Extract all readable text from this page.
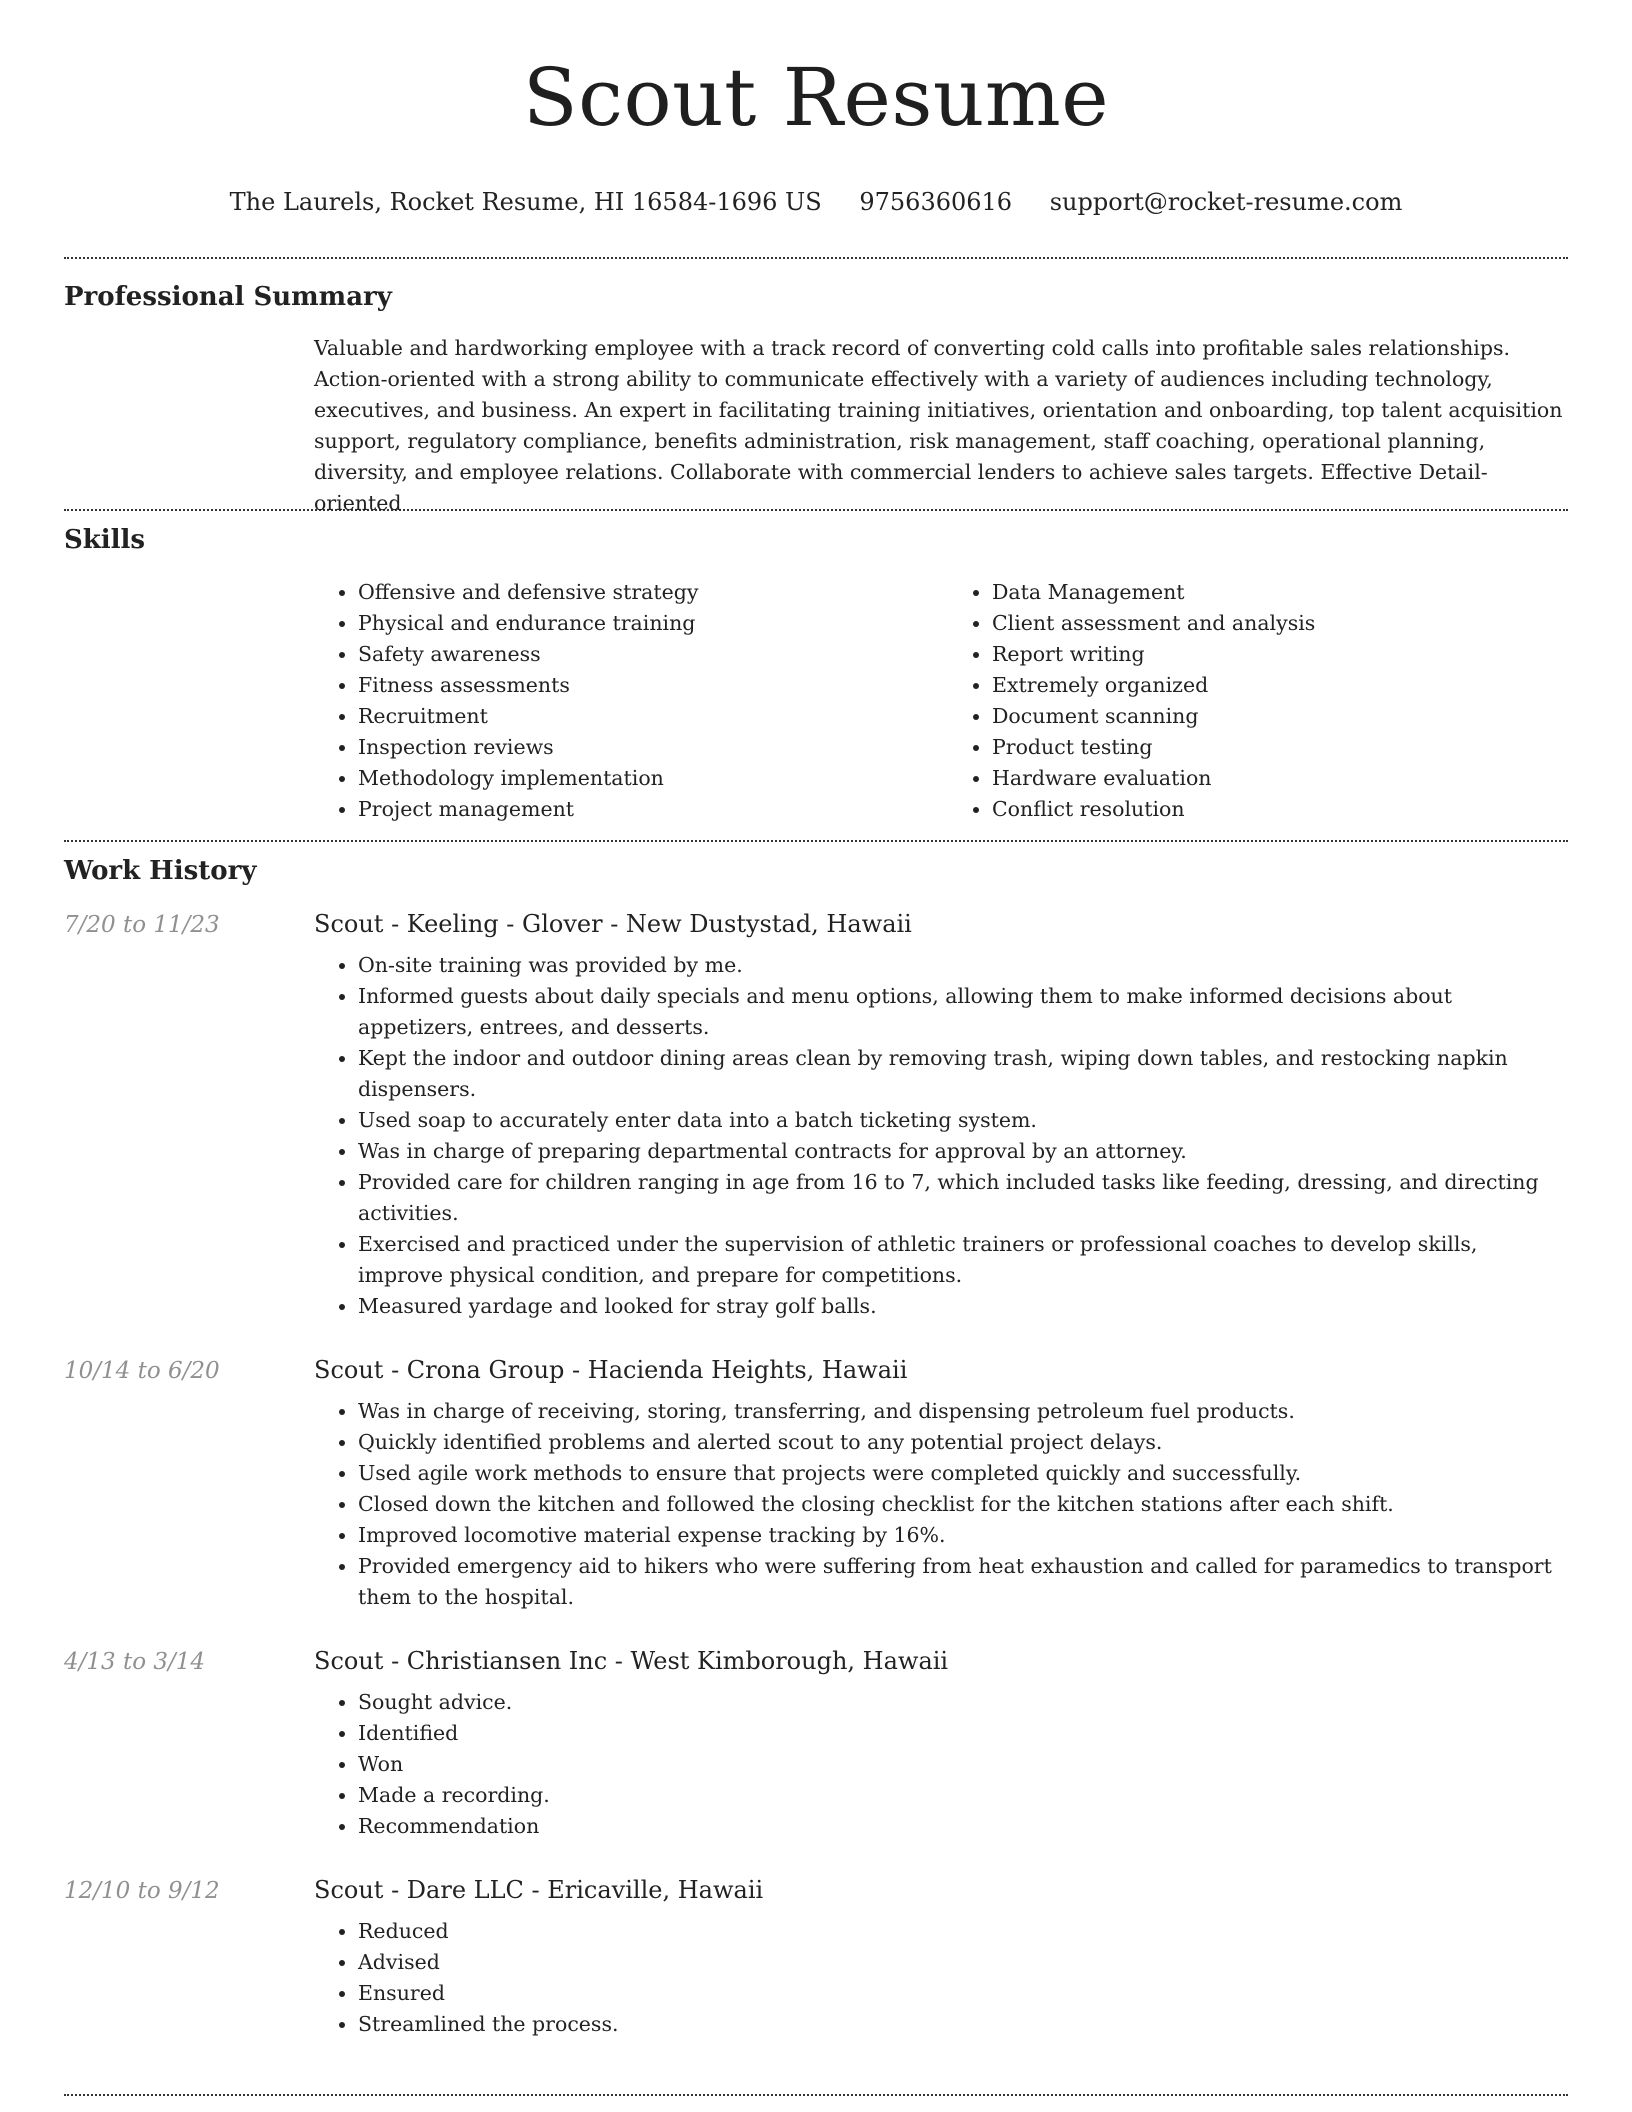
Scout Resume
The Laurels, Rocket Resume, HI 16584-1696 US 9756360616 support@rocket-resume.com
Professional Summary

Valuable and hardworking employee with a track record of converting cold calls into profitable sales relationships. Action-oriented with a strong ability to communicate effectively with a variety of audiences including technology, executives, and business. An expert in facilitating training initiatives, orientation and onboarding, top talent acquisition support, regulatory compliance, benefits administration, risk management, staff coaching, operational planning, diversity, and employee relations. Collaborate with commercial lenders to achieve sales targets. Effective Detail-oriented

Skills
• Offensive and defensive strategy
• Physical and endurance training
• Safety awareness
• Fitness assessments
• Recruitment
• Inspection reviews
• Methodology implementation
• Project management
• Data Management
• Client assessment and analysis
• Report writing
• Extremely organized
• Document scanning
• Product testing
• Hardware evaluation
• Conflict resolution
Work History
7/20 to 11/23	Scout - Keeling - Glover - New Dustystad, Hawaii
• On-site training was provided by me.
• Informed guests about daily specials and menu options, allowing them to make informed decisions about appetizers, entrees, and desserts.
• Kept the indoor and outdoor dining areas clean by removing trash, wiping down tables, and restocking napkin dispensers.
• Used soap to accurately enter data into a batch ticketing system.
• Was in charge of preparing departmental contracts for approval by an attorney.
• Provided care for children ranging in age from 16 to 7, which included tasks like feeding, dressing, and directing activities.
• Exercised and practiced under the supervision of athletic trainers or professional coaches to develop skills, improve physical condition, and prepare for competitions.
• Measured yardage and looked for stray golf balls.
10/14 to 6/20	Scout - Crona Group - Hacienda Heights, Hawaii
• Was in charge of receiving, storing, transferring, and dispensing petroleum fuel products.
• Quickly identified problems and alerted scout to any potential project delays.
• Used agile work methods to ensure that projects were completed quickly and successfully.
• Closed down the kitchen and followed the closing checklist for the kitchen stations after each shift.
• Improved locomotive material expense tracking by 16%.
• Provided emergency aid to hikers who were suffering from heat exhaustion and called for paramedics to transport them to the hospital.
4/13 to 3/14	Scout - Christiansen Inc - West Kimborough, Hawaii
• Sought advice.
• Identified
• Won
• Made a recording.
• Recommendation
12/10 to 9/12	Scout - Dare LLC - Ericaville, Hawaii
• Reduced
• Advised
• Ensured
• Streamlined the process.
